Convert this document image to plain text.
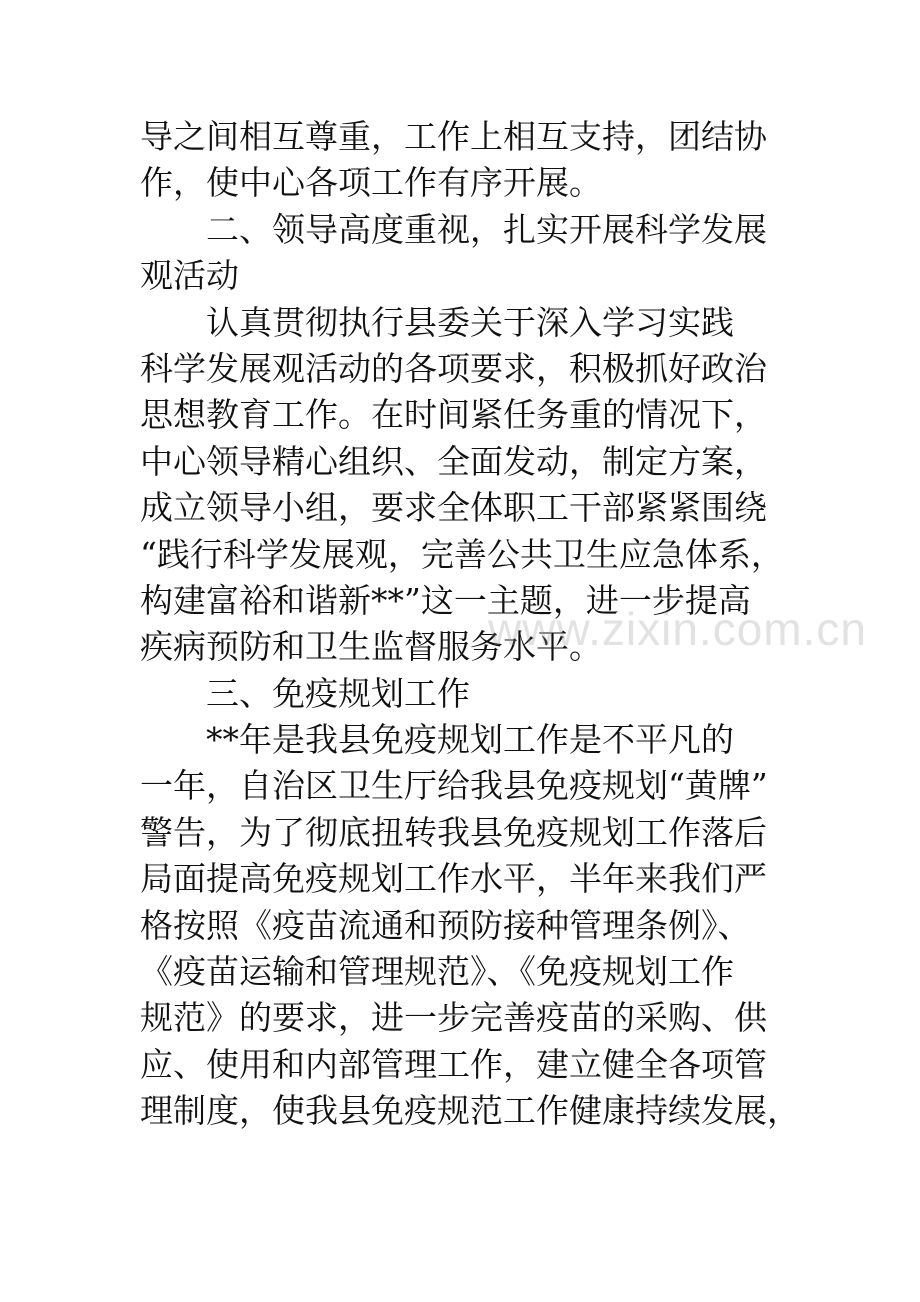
导之间相互尊重，工作上相互支持，团结协
作，使中心各项工作有序开展。
二、领导高度重视，扎实开展科学发展
观活动
认真贯彻执行县委关于深入学习实践
科学发展观活动的各项要求，积极抓好政治
思想教育工作。在时间紧任务重的情况下，
中心领导精心组织、全面发动，制定方案，
成立领导小组，要求全体职工干部紧紧围绕
“践行科学发展观，完善公共卫生应急体系，
构建富裕和谐新**”这一主题，进一步提高
疾病预防和卫生监督服务水平。
三、免疫规划工作
**年是我县免疫规划工作是不平凡的
一年，自治区卫生厅给我县免疫规划“黄牌”
警告，为了彻底扭转我县免疫规划工作落后
局面提高免疫规划工作水平，半年来我们严
格按照《疫苗流通和预防接种管理条例》、
《疫苗运输和管理规范》、《免疫规划工作
规范》的要求，进一步完善疫苗的采购、供
应、使用和内部管理工作，建立健全各项管
理制度，使我县免疫规范工作健康持续发展，
www.zixin.com.cn
